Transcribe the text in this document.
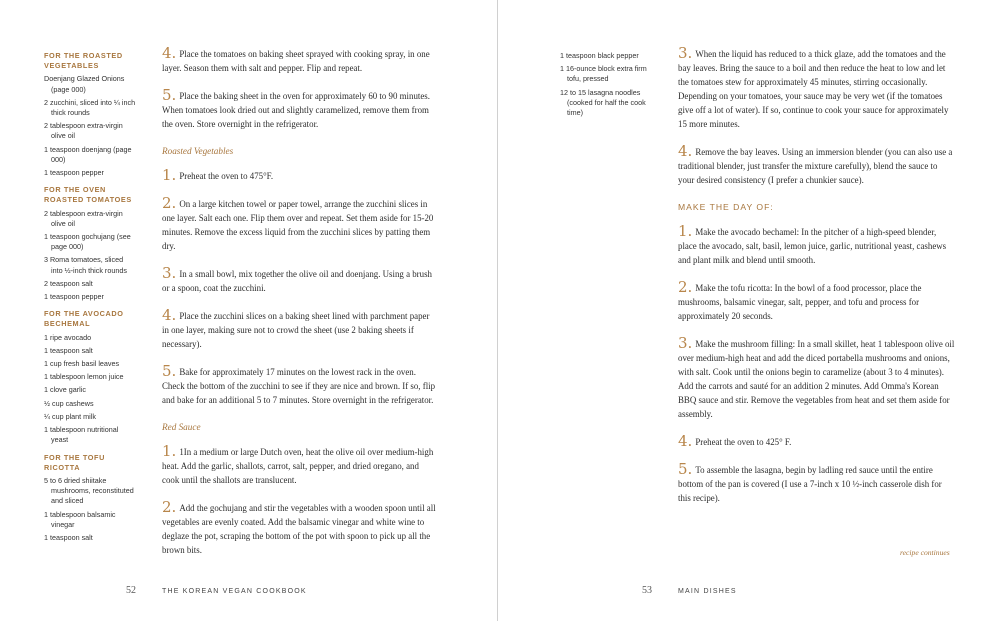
FOR THE ROASTED VEGETABLES
Doenjang Glazed Onions (page 000)
2 zucchini, sliced into ¼ inch thick rounds
2 tablespoon extra-virgin olive oil
1 teaspoon doenjang (page 000)
1 teaspoon pepper
FOR THE OVEN ROASTED TOMATOES
2 tablespoon extra-virgin olive oil
1 teaspoon gochujang (see page 000)
3 Roma tomatoes, sliced into ½-inch thick rounds
2 teaspoon salt
1 teaspoon pepper
FOR THE AVOCADO BECHEMAL
1 ripe avocado
1 teaspoon salt
1 cup fresh basil leaves
1 tablespoon lemon juice
1 clove garlic
½ cup cashews
¼ cup plant milk
1 tablespoon nutritional yeast
FOR THE TOFU RICOTTA
5 to 6 dried shiitake mushrooms, reconstituted and sliced
1 tablespoon balsamic vinegar
1 teaspoon salt
4. Place the tomatoes on baking sheet sprayed with cooking spray, in one layer. Season them with salt and pepper. Flip and repeat.
5. Place the baking sheet in the oven for approximately 60 to 90 minutes. When tomatoes look dried out and slightly caramelized, remove them from the oven. Store overnight in the refrigerator.
Roasted Vegetables
1. Preheat the oven to 475°F.
2. On a large kitchen towel or paper towel, arrange the zucchini slices in one layer. Salt each one. Flip them over and repeat. Set them aside for 15-20 minutes. Remove the excess liquid from the zucchini slices by patting them dry.
3. In a small bowl, mix together the olive oil and doenjang. Using a brush or a spoon, coat the zucchini.
4. Place the zucchini slices on a baking sheet lined with parchment paper in one layer, making sure not to crowd the sheet (use 2 baking sheets if necessary).
5. Bake for approximately 17 minutes on the lowest rack in the oven. Check the bottom of the zucchini to see if they are nice and brown. If so, flip and bake for an additional 5 to 7 minutes. Store overnight in the refrigerator.
Red Sauce
1. 1In a medium or large Dutch oven, heat the olive oil over medium-high heat. Add the garlic, shallots, carrot, salt, pepper, and dried oregano, and cook until the shallots are translucent.
2. Add the gochujang and stir the vegetables with a wooden spoon until all vegetables are evenly coated. Add the balsamic vinegar and white wine to deglaze the pot, scraping the bottom of the pot with spoon to pick up all the brown bits.
52	THE KOREAN VEGAN COOKBOOK
1 teaspoon black pepper
1 16-ounce block extra firm tofu, pressed
12 to 15 lasagna noodles (cooked for half the cook time)
3. When the liquid has reduced to a thick glaze, add the tomatoes and the bay leaves. Bring the sauce to a boil and then reduce the heat to low and let the tomatoes stew for approximately 45 minutes, stirring occasionally. Depending on your tomatoes, your sauce may be very wet (if the tomatoes give off a lot of water). If so, continue to cook your sauce for approximately 15 more minutes.
4. Remove the bay leaves. Using an immersion blender (you can also use a traditional blender, just transfer the mixture carefully), blend the sauce to your desired consistency (I prefer a chunkier sauce).
MAKE THE DAY OF:
1. Make the avocado bechamel: In the pitcher of a high-speed blender, place the avocado, salt, basil, lemon juice, garlic, nutritional yeast, cashews and plant milk and blend until smooth.
2. Make the tofu ricotta: In the bowl of a food processor, place the mushrooms, balsamic vinegar, salt, pepper, and tofu and process for approximately 20 seconds.
3. Make the mushroom filling: In a small skillet, heat 1 tablespoon olive oil over medium-high heat and add the diced portabella mushrooms and onions, with salt. Cook until the onions begin to caramelize (about 3 to 4 minutes). Add the carrots and sauté for an addition 2 minutes. Add Omma's Korean BBQ sauce and stir. Remove the vegetables from heat and set them aside for assembly.
4. Preheat the oven to 425° F.
5. To assemble the lasagna, begin by ladling red sauce until the entire bottom of the pan is covered (I use a 7-inch x 10 ½-inch casserole dish for this recipe).
recipe continues
53	MAIN DISHES
